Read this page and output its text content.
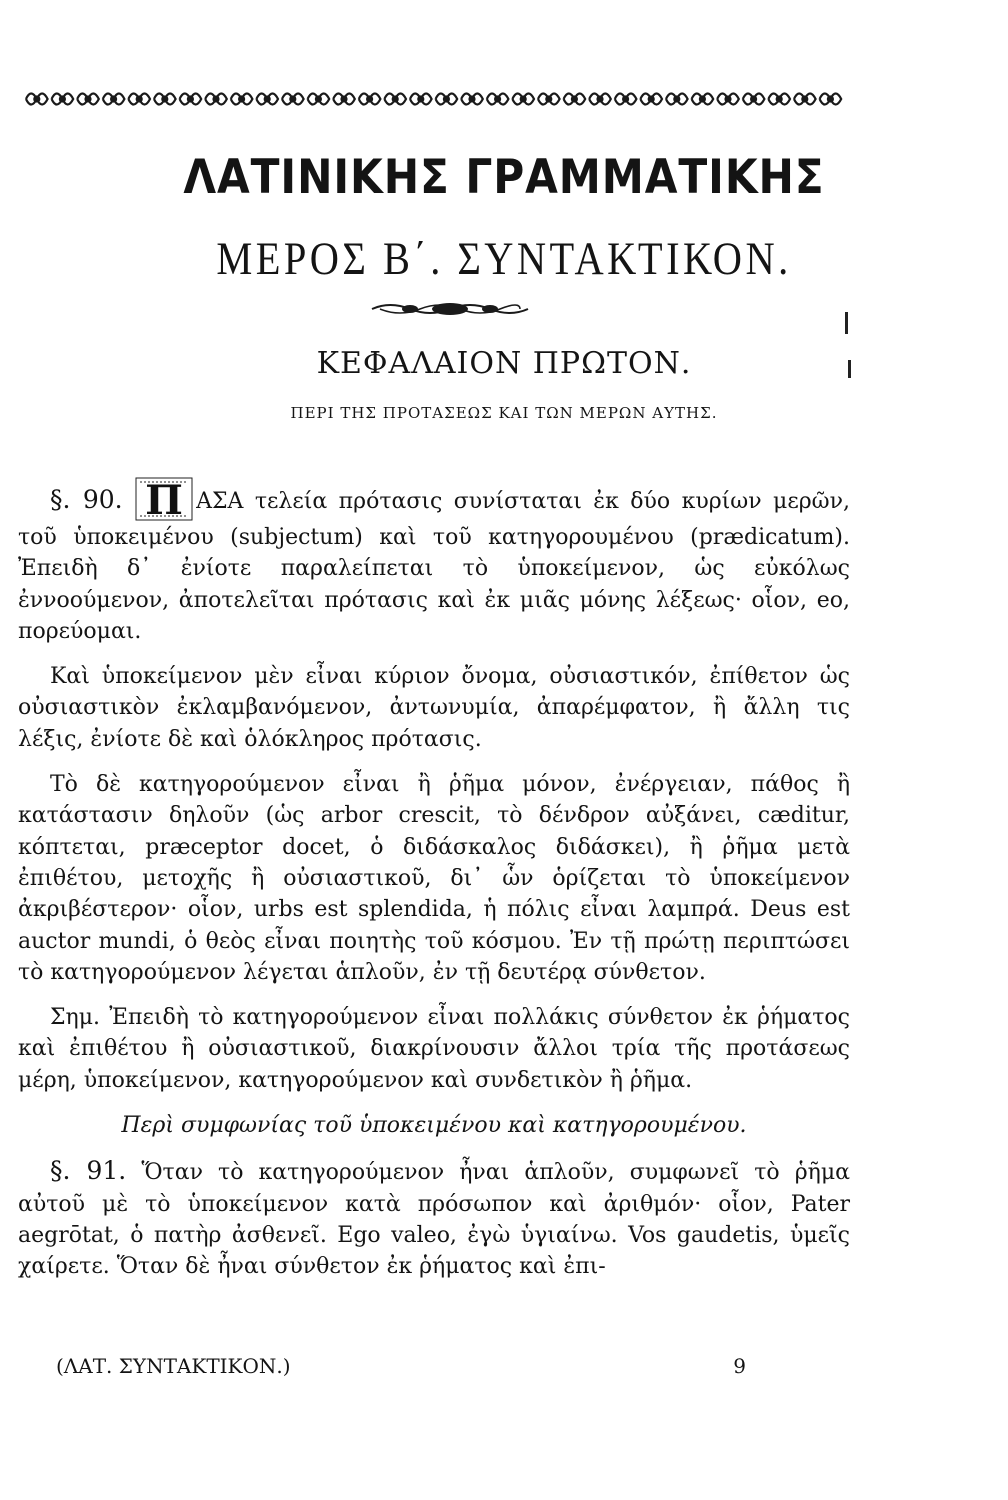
ΛΑΤΙΝΙΚΗΣ ΓΡΑΜΜΑΤΙΚΗΣ
ΜΕΡΟΣ Β΄. ΣΥΝΤΑΚΤΙΚΟΝ.
ΚΕΦΑΛΑΙΟΝ ΠΡΩΤΟΝ.
ΠΕΡΙ ΤΗΣ ΠΡΟΤΑΣΕΩΣ ΚΑΙ ΤΩΝ ΜΕΡΩΝ ΑΥΤΗΣ.

§. 90. Π ΑΣΑ τελεία πρότασις συνίσταται ἐκ δύο κυρίων μερῶν, τοῦ ὑποκειμένου (subjectum) καὶ τοῦ κατηγορουμένου (prædicatum). Ἐπειδὴ δ᾽ ἐνίοτε παραλείπεται τὸ ὑποκείμενον, ὡς εὐκόλως ἐννοούμενον, ἀποτελεῖται πρότασις καὶ ἐκ μιᾶς μόνης λέξεως· οἷον, eo, πορεύομαι.

Καὶ ὑποκείμενον μὲν εἶναι κύριον ὄνομα, οὐσιαστικόν, ἐπίθετον ὡς οὐσιαστικὸν ἐκλαμβανόμενον, ἀντωνυμία, ἀπαρέμφατον, ἢ ἄλλη τις λέξις, ἐνίοτε δὲ καὶ ὁλόκληρος πρότασις.

Τὸ δὲ κατηγορούμενον εἶναι ἢ ῥῆμα μόνον, ἐνέργειαν, πάθος ἢ κατάστασιν δηλοῦν (ὡς arbor crescit, τὸ δένδρον αὐξάνει, cæditur, κόπτεται, præceptor docet, ὁ διδάσκαλος διδάσκει), ἢ ῥῆμα μετὰ ἐπιθέτου, μετοχῆς ἢ οὐσιαστικοῦ, δι᾽ ὧν ὁρίζεται τὸ ὑποκείμενον ἀκριβέστερον· οἷον, urbs est splendida, ἡ πόλις εἶναι λαμπρά. Deus est auctor mundi, ὁ θεὸς εἶναι ποιητὴς τοῦ κόσμου. Ἐν τῇ πρώτῃ περιπτώσει τὸ κατηγορούμενον λέγεται ἁπλοῦν, ἐν τῇ δευτέρᾳ σύνθετον.

Σημ. Ἐπειδὴ τὸ κατηγορούμενον εἶναι πολλάκις σύνθετον ἐκ ῥήματος καὶ ἐπιθέτου ἢ οὐσιαστικοῦ, διακρίνουσιν ἄλλοι τρία τῆς προτάσεως μέρη, ὑποκείμενον, κατηγορούμενον καὶ συνδετικὸν ἢ ῥῆμα.

Περὶ συμφωνίας τοῦ ὑποκειμένου καὶ κατηγορουμένου.

§. 91. Ὅταν τὸ κατηγορούμενον ἦναι ἁπλοῦν, συμφωνεῖ τὸ ῥῆμα αὐτοῦ μὲ τὸ ὑποκείμενον κατὰ πρόσωπον καὶ ἀριθμόν· οἷον, Pater aegrōtat, ὁ πατὴρ ἀσθενεῖ. Ego valeo, ἐγὼ ὑγιαίνω. Vos gaudetis, ὑμεῖς χαίρετε. Ὅταν δὲ ἦναι σύνθετον ἐκ ῥήματος καὶ ἐπι-

(ΛΑΤ. ΣΥΝΤΑΚΤΙΚΟΝ.)	9
